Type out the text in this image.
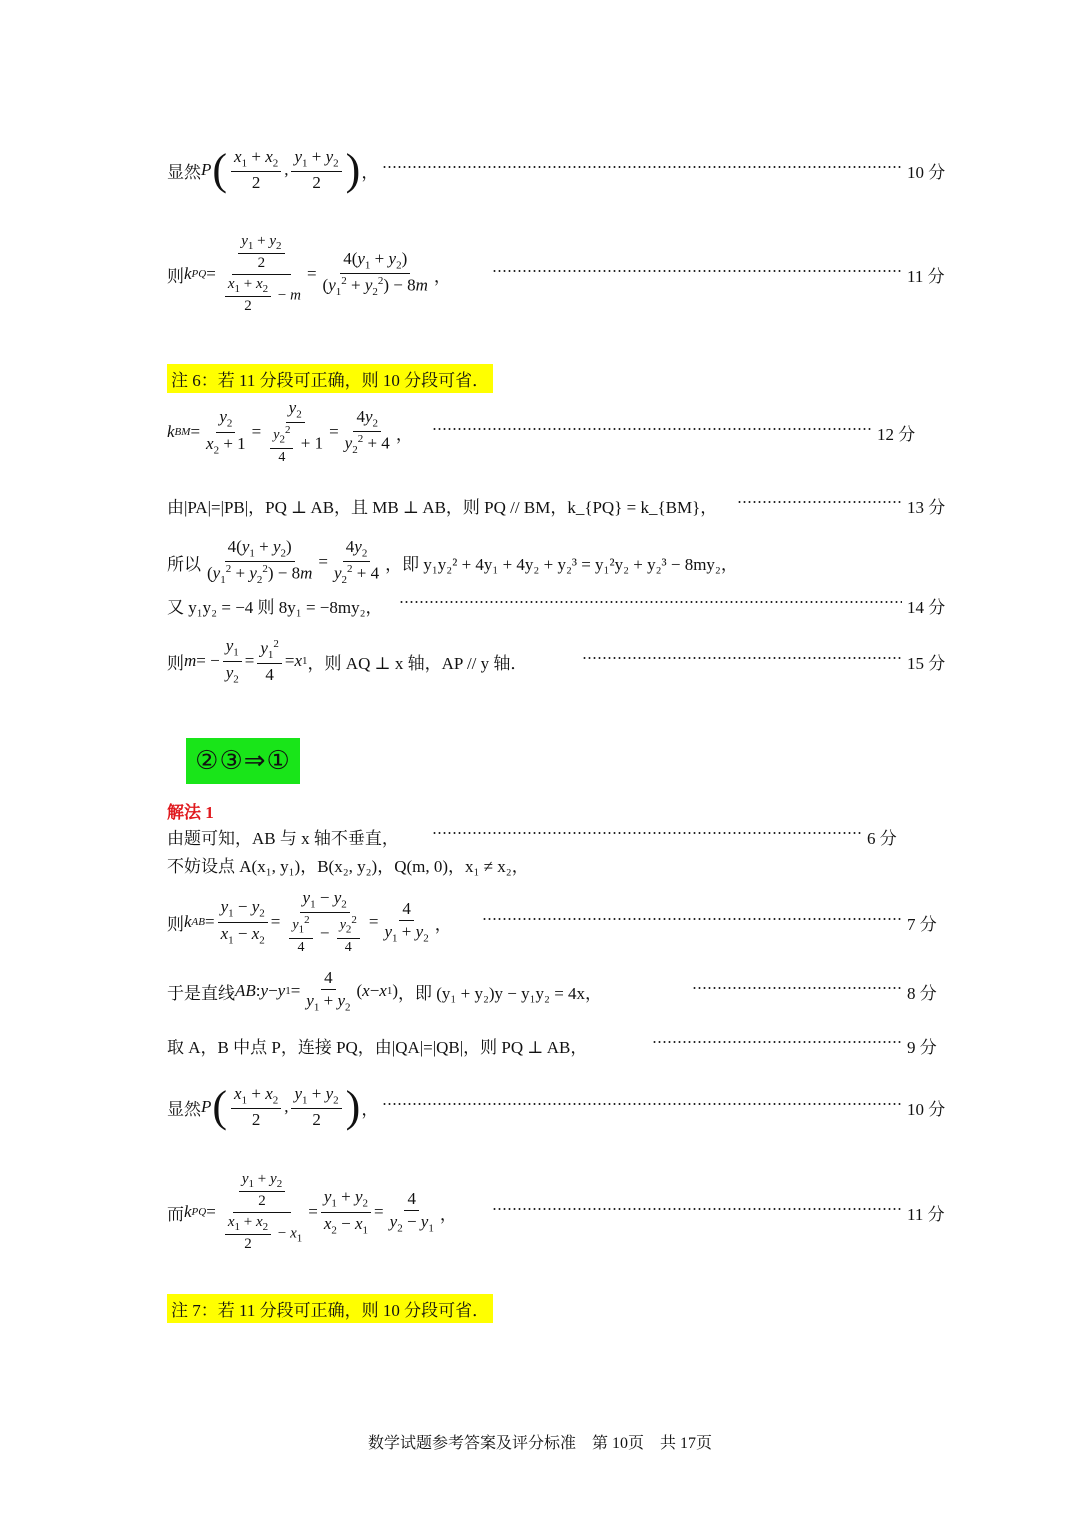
显然 P ( $\frac{x_1 + x_2}{2}$ , $\frac{y_1 + y_2}{2}$ ) ，	10 分
则 k PQ = $\frac{\frac{y_1 + y_2}{2}}{\frac{x_1 + x_2}{2} - m} = \frac{4(y_1 + y_2)}{(y_1^2 + y_2^2) - 8m}$ ，	11 分
注 6：若 11 分段可正确，则 10 分段可省．
k BM = $\frac{y_2}{x_2 + 1} = \frac{y_2}{\frac{y_2^2}{4} + 1} = \frac{4y_2}{y_2^2 + 4}$ ，	12 分
由|PA|=|PB|，PQ ⊥ AB，且 MB ⊥ AB，则 PQ // BM，k_{PQ} = k_{BM}，	13 分
所以 $\frac{4(y_1 + y_2)}{(y_1^2 + y_2^2) - 8m} = \frac{4y_2}{y_2^2 + 4}$ ，即 y₁y₂² + 4y₁ + 4y₂ + y₂³ = y₁²y₂ + y₂³ − 8my₂，
又 y₁y₂ = −4 则 8y₁ = −8my₂，	14 分
则 m = − $\frac{y_1}{y_2} = \frac{y_1^2}{4} = x$ 1 ，则 AQ ⊥ x 轴，AP // y 轴．	15 分
②③⇒①
解法 1
由题可知，AB 与 x 轴不垂直，	6 分
不妨设点 A(x₁, y₁)，B(x₂, y₂)，Q(m, 0)，x₁ ≠ x₂，
则 k AB = $\frac{y_1 - y_2}{x_1 - x_2} = \frac{y_1 - y_2}{\frac{y_1^2}{4} - \frac{y_2^2}{4}} = \frac{4}{y_1 + y_2}$ ，	7 分
于是直线 AB : y − y $1 = \frac{4}{y_1 + y_2}$ ( x − x 1 ) ，即 (y₁ + y₂)y − y₁y₂ = 4x，	8 分
取 A，B 中点 P，连接 PQ，由|QA|=|QB|，则 PQ ⊥ AB，	9 分
显然 P ( $\frac{x_1 + x_2}{2}$ , $\frac{y_1 + y_2}{2}$ ) ，	10 分
而 k PQ = $\frac{\frac{y_1 + y_2}{2}}{\frac{x_1 + x_2}{2} - x_1} = \frac{y_1 + y_2}{x_2 - x_1} = \frac{4}{y_2 - y_1}$ ，	11 分
注 7：若 11 分段可正确，则 10 分段可省．
数学试题参考答案及评分标准　第 10页　共 17页
